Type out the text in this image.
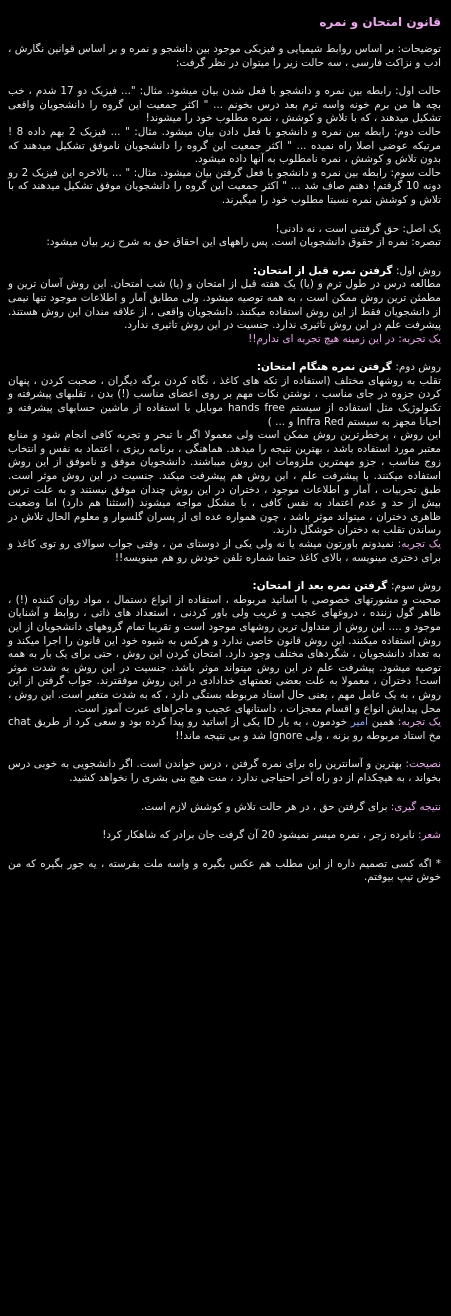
قانون امتحان و نمره

توضیحات: بر اساس روابط شیمیایی و فیزیکی موجود بین دانشجو و نمره و بر اساس قوانین نگارش ، ادب و نزاکت فارسی ، سه حالت زیر را میتوان در نظر گرفت:

حالت اول: رابطه بین نمره و دانشجو با فعل شدن بیان میشود. مثال: "... فیزیک دو 17 شدم ، خب بچه ها من برم خونه واسه ترم بعد درس بخونم ... " اکثر جمعیت این گروه را دانشجویان واقعی تشکیل میدهند ، که با تلاش و کوشش ، نمره مطلوب خود را میشوند!

حالت دوم: رابطه بین نمره و دانشجو با فعل دادن بیان میشود. مثال: " ... فیزیک 2 بهم داده 8 ! مرتیکه عوضی اصلا راه نمیده ... " اکثر جمعیت این گروه را دانشجویان ناموفق تشکیل میدهند که بدون تلاش و کوشش ، نمره نامطلوب به آنها داده میشود.

حالت سوم: رابطه بین نمره و دانشجو با فعل گرفتن بیان میشود. مثال: " ... بالاخره این فیزیک 2 رو دونه 10 گرفتم! دهنم صاف شد ... " اکثر جمعیت این گروه را دانشجویان موفق تشکیل میدهند که با تلاش و کوشش نمره نسبتا مطلوب خود را میگیرند.

یک اصل: حق گرفتنی است ، نه دادنی!

تبصره: نمره از حقوق دانشجویان است. پس راههای این احقاق حق به شرح زیر بیان میشود:

روش اول: گرفتن نمره قبل از امتحان:

مطالعه درس در طول ترم و (یا) یک هفته قبل از امتحان و (یا) شب امتحان. این روش آسان ترین و مطمئن ترین روش ممکن است ، به همه توصیه میشود. ولی مطابق آمار و اطلاعات موجود تنها نیمی از دانشجویان فقط از این روش استفاده میکنند. دانشجویان واقعی ، از علاقه مندان این روش هستند. پیشرفت علم در این روش تاثیری ندارد. جنسیت در این روش تاثیری ندارد.

یک تجربه: در این زمینه هیچ تجربه ای ندارم!!

روش دوم: گرفتن نمره هنگام امتحان:

تقلب به روشهای مختلف (استفاده از تکه های کاغذ ، نگاه کردن برگه دیگران ، صحبت کردن ، پنهان کردن جزوه در جای مناسب ، نوشتن نکات مهم بر روی اعضای مناسب (!) بدن ، تقلبهای پیشرفته و تکنولوژیک مثل استفاده از سیستم hands free موبایل با استفاده از ماشین حسابهای پیشرفته و احیانا مجهز به سیستم Infra Red و ... )

این روش ، پرخطرترین روش ممکن است ولی معمولا اگر با تبحر و تجربه کافی انجام شود و منابع معتبر مورد استفاده باشد ، بهترین نتیجه را میدهد. هماهنگی ، برنامه ریزی ، اعتماد به نفس و انتخاب زوج مناسب ، جزو مهمترین ملزومات این روش میباشند. دانشجویان موفق و ناموفق از این روش استفاده میکنند. با پیشرفت علم ، این روش هم پیشرفت میکند. جنسیت در این روش موثر است. طبق تجربیات ، آمار و اطلاعات موجود ، دختران در این روش چندان موفق نیستند و به علت ترس بیش از حد و عدم اعتماد به نفس کافی ، با مشکل مواجه میشوند (استثنا هم دارد) اما وضعیت ظاهری دختران ، میتواند موثر باشد ، چون همواره عده ای از پسران گلسوار و معلوم الحال تلاش در رساندن تقلب به دختران خوشگل دارند.

یک تجربه: نمیدونم باورتون میشه یا نه ولی یکی از دوستای من ، وقتی جواب سوالای رو توی کاغذ و برای دختری مینویسه ، بالای کاغذ حتما شماره تلفن خودش رو هم مینویسه!!

روش سوم: گرفتن نمره بعد از امتحان:

صحبت و مشورتهای خصوصی با اساتید مربوطه ، استفاده از انواع دستمال ، مواد روان کننده (!) ، ظاهر گول زننده ، دروغهای عجیب و غریب ولی باور کردنی ، استعداد های ذاتی ، روابط و آشنایان موجود و .... این روش از متداول ترین روشهای موجود است و تقریبا تمام گروههای دانشجویان از این روش استفاده میکنند. این روش قانون خاصی ندارد و هرکس به شیوه خود این قانون را اجرا میکند و به تعداد دانشجویان ، شگردهای مختلف وجود دارد. امتحان کردن این روش ، حتی برای یک بار به همه توصیه میشود. پیشرفت علم در این روش میتواند موثر باشد. جنسیت در این روش به شدت موثر است! دختران ، معمولا به علت بعضی نعمتهای خدادادی در این روش موفقترند. جواب گرفتن از این روش ، به یک عامل مهم ، یعنی حال استاد مربوطه بستگی دارد ، که به شدت متغیر است. این روش ، محل پیدایش انواع و اقسام معجزات ، داستانهای عجیب و ماجراهای عبرت آموز است.

یک تجربه: همین امیر خودمون ، یه بار ID یکی از اساتید رو پیدا کرده بود و سعی کرد از طریق chat مخ استاد مربوطه رو بزنه ، ولی Ignore شد و بی نتیجه ماند!!

نصیحت: بهترین و آسانترین راه برای نمره گرفتن ، درس خواندن است. اگر دانشجویی به خوبی درس بخواند ، به هیچکدام از دو راه آخر احتیاجی ندارد ، منت هیچ بنی بشری را نخواهد کشید.

نتیجه گیری: برای گرفتن حق ، در هر حالت تلاش و کوشش لازم است.

شعر: نابرده زجر ، نمره میسر نمیشود 20 آن گرفت جان برادر که شاهکار کرد!

* اگه کسی تصمیم داره از این مطلب هم عکس بگیره و واسه ملت بفرسته ، یه جور بگیره که من خوش تیپ بیوفتم.
